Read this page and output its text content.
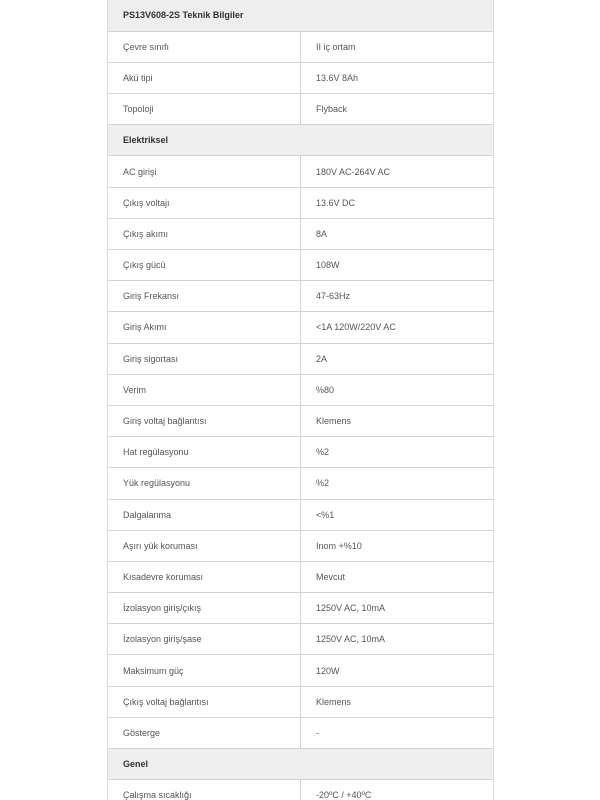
PS13V608-2S Teknik Bilgiler	
Çevre sınıfı	II iç ortam
Akü tipi	13.6V 8Ah
Topoloji	Flyback
Elektriksel	
AC girişi	180V AC-264V AC
Çıkış voltajı	13.6V DC
Çıkış akımı	8A
Çıkış gücü	108W
Giriş Frekansı	47-63Hz
Giriş Akımı	<1A 120W/220V AC
Giriş sigortası	2A
Verim	%80
Giriş voltaj bağlantısı	Klemens
Hat regülasyonu	%2
Yük regülasyonu	%2
Dalgalanma	<%1
Aşırı yük koruması	Inom +%10
Kısadevre koruması	Mevcut
İzolasyon giriş/çıkış	1250V AC, 10mA
İzolasyon giriş/şase	1250V AC, 10mA
Maksimum güç	120W
Çıkış voltaj bağlantısı	Klemens
Gösterge	-
Genel	
Çalışma sıcaklığı	-20ºC / +40ºC
